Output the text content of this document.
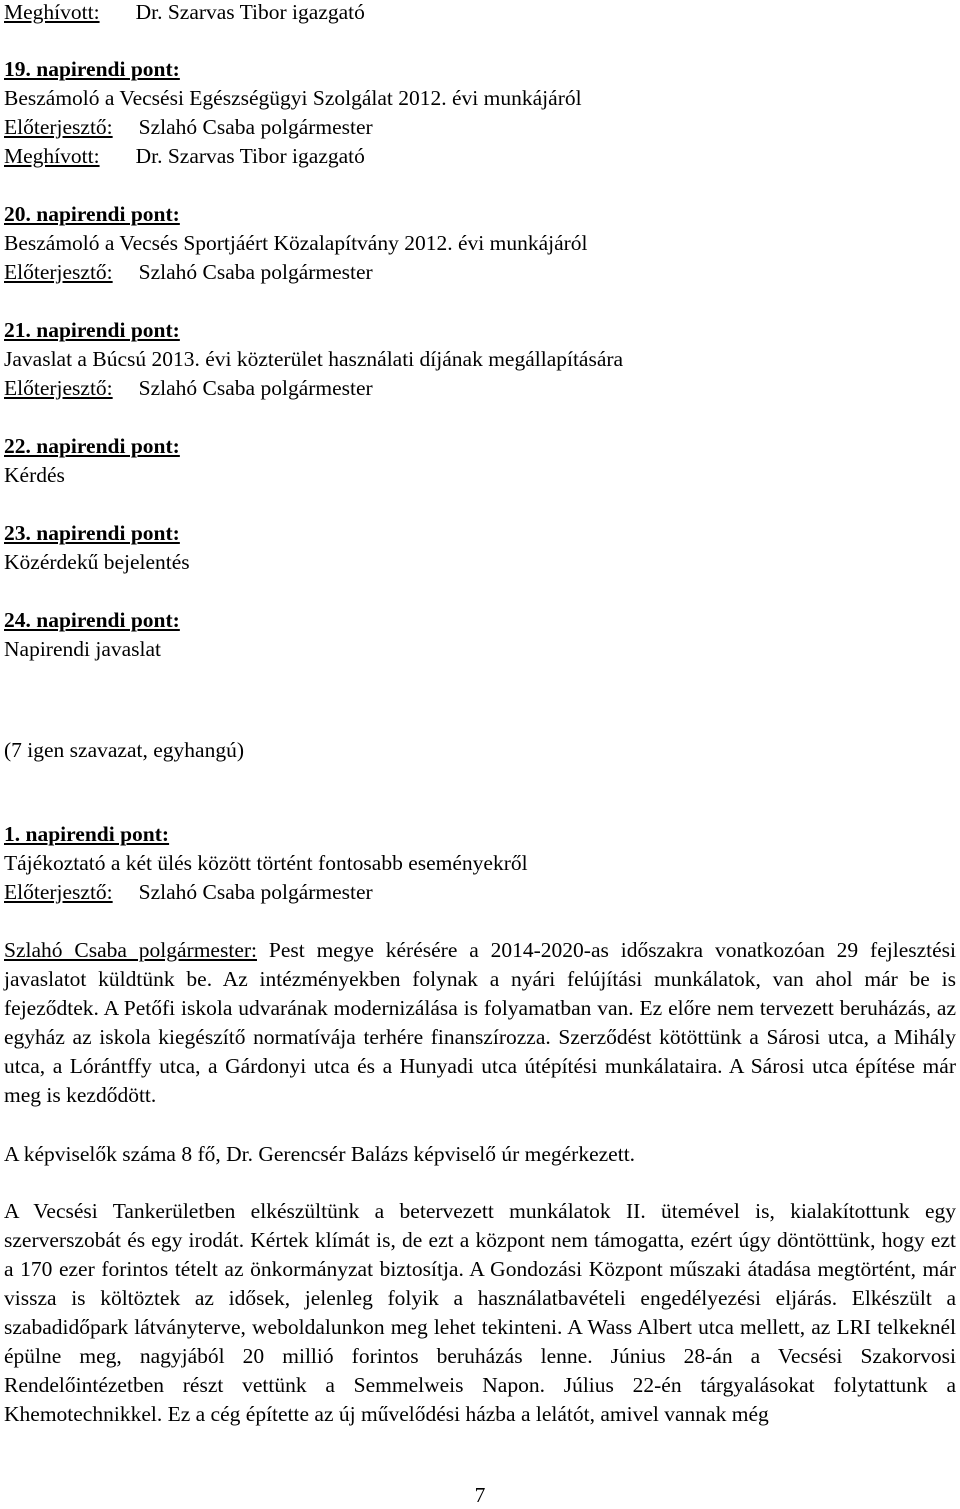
Meghívott: Dr. Szarvas Tibor igazgató
19. napirendi pont:
Beszámoló a Vecsési Egészségügyi Szolgálat 2012. évi munkájáról
Előterjesztő: Szlahó Csaba polgármester
Meghívott: Dr. Szarvas Tibor igazgató
20. napirendi pont:
Beszámoló a Vecsés Sportjáért Közalapítvány 2012. évi munkájáról
Előterjesztő: Szlahó Csaba polgármester
21. napirendi pont:
Javaslat a Búcsú 2013. évi közterület használati díjának megállapítására
Előterjesztő: Szlahó Csaba polgármester
22. napirendi pont:
Kérdés
23. napirendi pont:
Közérdekű bejelentés
24. napirendi pont:
Napirendi javaslat
(7 igen szavazat, egyhangú)
1. napirendi pont:
Tájékoztató a két ülés között történt fontosabb eseményekről
Előterjesztő: Szlahó Csaba polgármester
Szlahó Csaba polgármester: Pest megye kérésére a 2014-2020-as időszakra vonatkozóan 29 fejlesztési javaslatot küldtünk be. Az intézményekben folynak a nyári felújítási munkálatok, van ahol már be is fejeződtek. A Petőfi iskola udvarának modernizálása is folyamatban van. Ez előre nem tervezett beruházás, az egyház az iskola kiegészítő normatívája terhére finanszírozza. Szerződést kötöttünk a Sárosi utca, a Mihály utca, a Lórántffy utca, a Gárdonyi utca és a Hunyadi utca útépítési munkálataira. A Sárosi utca építése már meg is kezdődött.
A képviselők száma 8 fő, Dr. Gerencsér Balázs képviselő úr megérkezett.
A Vecsési Tankerületben elkészültünk a betervezett munkálatok II. ütemével is, kialakítottunk egy szerverszobát és egy irodát. Kértek klímát is, de ezt a központ nem támogatta, ezért úgy döntöttünk, hogy ezt a 170 ezer forintos tételt az önkormányzat biztosítja. A Gondozási Központ műszaki átadása megtörtént, már vissza is költöztek az idősek, jelenleg folyik a használatbavételi engedélyezési eljárás. Elkészült a szabadidőpark látványterve, weboldalunkon meg lehet tekinteni. A Wass Albert utca mellett, az LRI telkeknél épülne meg, nagyjából 20 millió forintos beruházás lenne. Június 28-án a Vecsési Szakorvosi Rendelőintézetben részt vettünk a Semmelweis Napon. Július 22-én tárgyalásokat folytattunk a Khemotechnikkel. Ez a cég építette az új művelődési házba a lelátót, amivel vannak még
7
